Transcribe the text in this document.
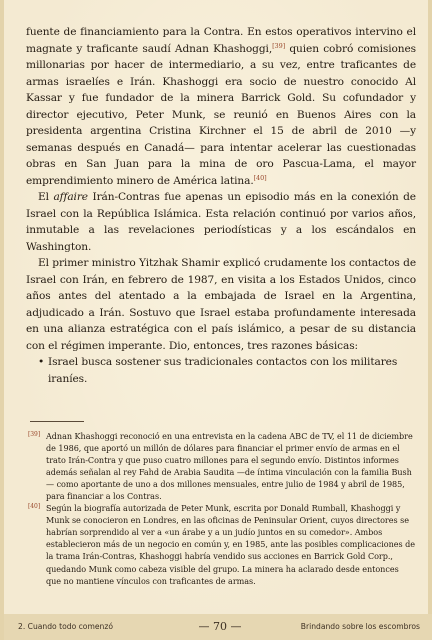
fuente de financiamiento para la Contra. En estos operativos intervino el magnate y traficante saudí Adnan Khashoggi,[39] quien cobró comisiones millonarias por hacer de intermediario, a su vez, entre traficantes de armas israelíes e Irán. Khashoggi era socio de nuestro conocido Al Kassar y fue fundador de la minera Barrick Gold. Su cofundador y director ejecutivo, Peter Munk, se reunió en Buenos Aires con la presidenta argentina Cristina Kirchner el 15 de abril de 2010 —y semanas después en Canadá— para intentar acelerar las cuestionadas obras en San Juan para la mina de oro Pascua-Lama, el mayor emprendimiento minero de América latina.[40]

El affaire Irán-Contras fue apenas un episodio más en la conexión de Israel con la República Islámica. Esta relación continuó por varios años, inmutable a las revelaciones periodísticas y a los escándalos en Washington.

El primer ministro Yitzhak Shamir explicó crudamente los contactos de Israel con Irán, en febrero de 1987, en visita a los Estados Unidos, cinco años antes del atentado a la embajada de Israel en la Argentina, adjudicado a Irán. Sostuvo que Israel estaba profundamente interesada en una alianza estratégica con el país islámico, a pesar de su distancia con el régimen imperante. Dio, entonces, tres razones básicas:

• Israel busca sostener sus tradicionales contactos con los militares iraníes.
[39] Adnan Khashoggi reconoció en una entrevista en la cadena ABC de TV, el 11 de diciembre de 1986, que aportó un millón de dólares para financiar el primer envío de armas en el trato Irán-Contra y que puso cuatro millones para el segundo envío. Distintos informes además señalan al rey Fahd de Arabia Saudita —de íntima vinculación con la familia Bush— como aportante de uno a dos millones mensuales, entre julio de 1984 y abril de 1985, para financiar a los Contras.
[40] Según la biografía autorizada de Peter Munk, escrita por Donald Rumball, Khashoggi y Munk se conocieron en Londres, en las oficinas de Peninsular Orient, cuyos directores se habrían sorprendido al ver a «un árabe y a un judío juntos en su comedor». Ambos establecieron más de un negocio en común y, en 1985, ante las posibles complicaciones de la trama Irán-Contras, Khashoggi habría vendido sus acciones en Barrick Gold Corp., quedando Munk como cabeza visible del grupo. La minera ha aclarado desde entonces que no mantiene vínculos con traficantes de armas.
2. Cuando todo comenzó	— 70 —	Brindando sobre los escombros
